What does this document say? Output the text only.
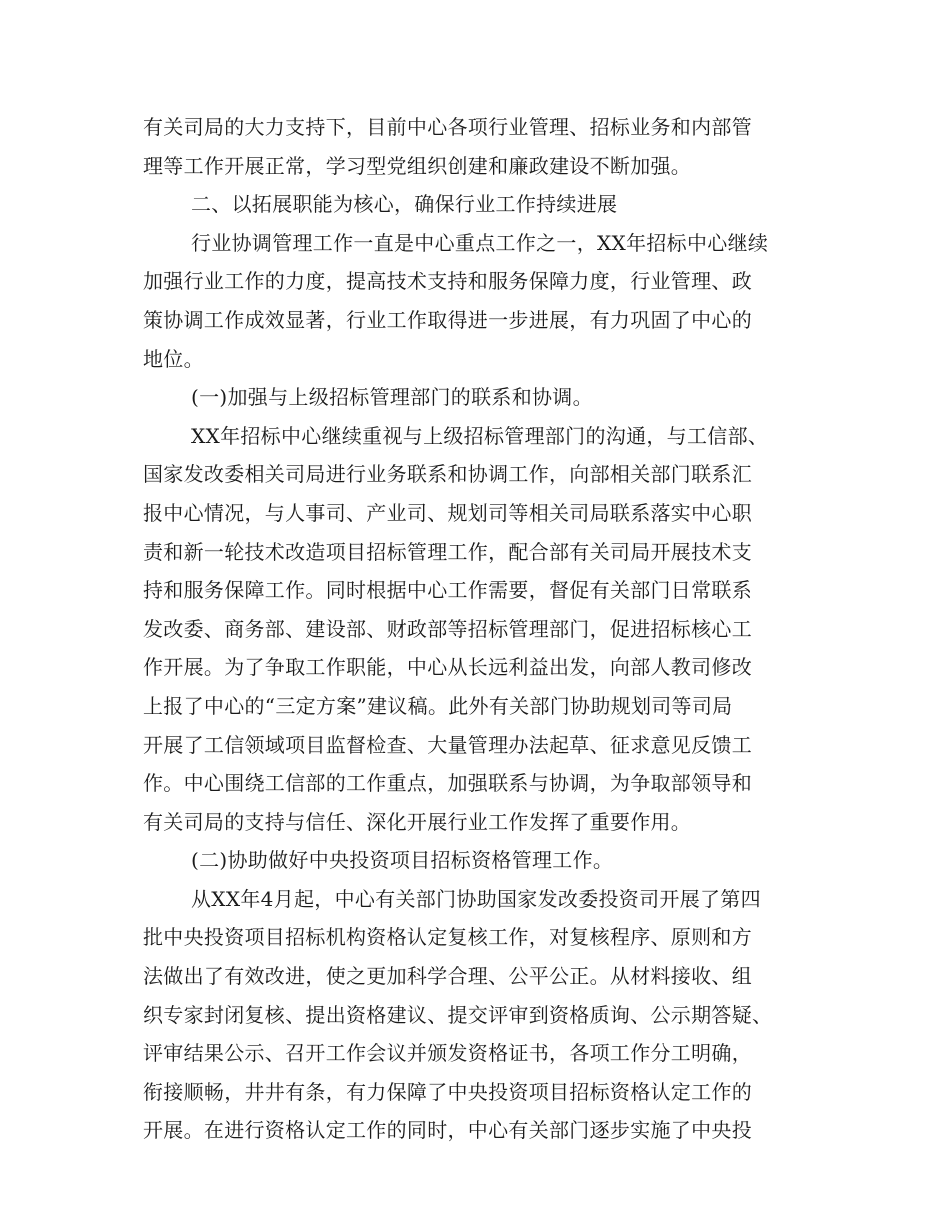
有关司局的大力支持下，目前中心各项行业管理、招标业务和内部管
理等工作开展正常，学习型党组织创建和廉政建设不断加强。
二、以拓展职能为核心，确保行业工作持续进展
行业协调管理工作一直是中心重点工作之一，XX年招标中心继续
加强行业工作的力度，提高技术支持和服务保障力度，行业管理、政
策协调工作成效显著，行业工作取得进一步进展，有力巩固了中心的
地位。
(一)加强与上级招标管理部门的联系和协调。
XX年招标中心继续重视与上级招标管理部门的沟通，与工信部、
国家发改委相关司局进行业务联系和协调工作，向部相关部门联系汇
报中心情况，与人事司、产业司、规划司等相关司局联系落实中心职
责和新一轮技术改造项目招标管理工作，配合部有关司局开展技术支
持和服务保障工作。同时根据中心工作需要，督促有关部门日常联系
发改委、商务部、建设部、财政部等招标管理部门，促进招标核心工
作开展。为了争取工作职能，中心从长远利益出发，向部人教司修改
上报了中心的“三定方案”建议稿。此外有关部门协助规划司等司局
开展了工信领域项目监督检查、大量管理办法起草、征求意见反馈工
作。中心围绕工信部的工作重点，加强联系与协调，为争取部领导和
有关司局的支持与信任、深化开展行业工作发挥了重要作用。
(二)协助做好中央投资项目招标资格管理工作。
从XX年4月起，中心有关部门协助国家发改委投资司开展了第四
批中央投资项目招标机构资格认定复核工作，对复核程序、原则和方
法做出了有效改进，使之更加科学合理、公平公正。从材料接收、组
织专家封闭复核、提出资格建议、提交评审到资格质询、公示期答疑、
评审结果公示、召开工作会议并颁发资格证书，各项工作分工明确，
衔接顺畅，井井有条，有力保障了中央投资项目招标资格认定工作的
开展。在进行资格认定工作的同时，中心有关部门逐步实施了中央投
